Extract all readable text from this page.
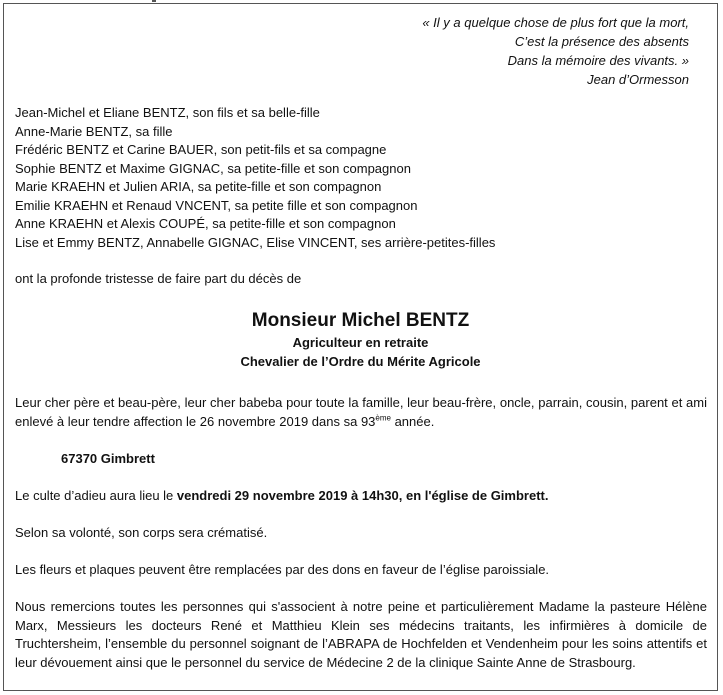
« Il y a quelque chose de plus fort que la mort,
C’est la présence des absents
Dans la mémoire des vivants. »
Jean d’Ormesson
Jean-Michel et Eliane BENTZ, son fils et sa belle-fille
Anne-Marie BENTZ, sa fille
Frédéric BENTZ et Carine BAUER, son petit-fils et sa compagne
Sophie BENTZ et Maxime GIGNAC, sa petite-fille et son compagnon
Marie KRAEHN et Julien ARIA, sa petite-fille et son compagnon
Emilie KRAEHN et Renaud VNCENT, sa petite fille et son compagnon
Anne KRAEHN et Alexis COUPÉ, sa petite-fille et son compagnon
Lise et Emmy BENTZ, Annabelle GIGNAC, Elise VINCENT, ses arrière-petites-filles
ont la profonde tristesse de faire part du décès de
Monsieur Michel BENTZ
Agriculteur en retraite
Chevalier de l’Ordre du Mérite Agricole
Leur cher père et beau-père, leur cher babeba pour toute la famille, leur beau-frère, oncle, parrain, cousin, parent et ami enlevé à leur tendre affection le 26 novembre 2019 dans sa 93ème année.
67370 Gimbrett
Le culte d’adieu aura lieu le vendredi 29 novembre 2019 à 14h30, en l'église de Gimbrett.
Selon sa volonté, son corps sera crématisé.
Les fleurs et plaques peuvent être remplacées par des dons en faveur de l’église paroissiale.
Nous remercions toutes les personnes qui s'associent à notre peine et particulièrement Madame la pasteure Hélène Marx, Messieurs les docteurs René et Matthieu Klein ses médecins traitants, les infirmières à domicile de Truchtersheim, l’ensemble du personnel soignant de l’ABRAPA de Hochfelden et Vendenheim pour les soins attentifs et leur dévouement ainsi que le personnel du service de Médecine 2 de la clinique Sainte Anne de Strasbourg.
